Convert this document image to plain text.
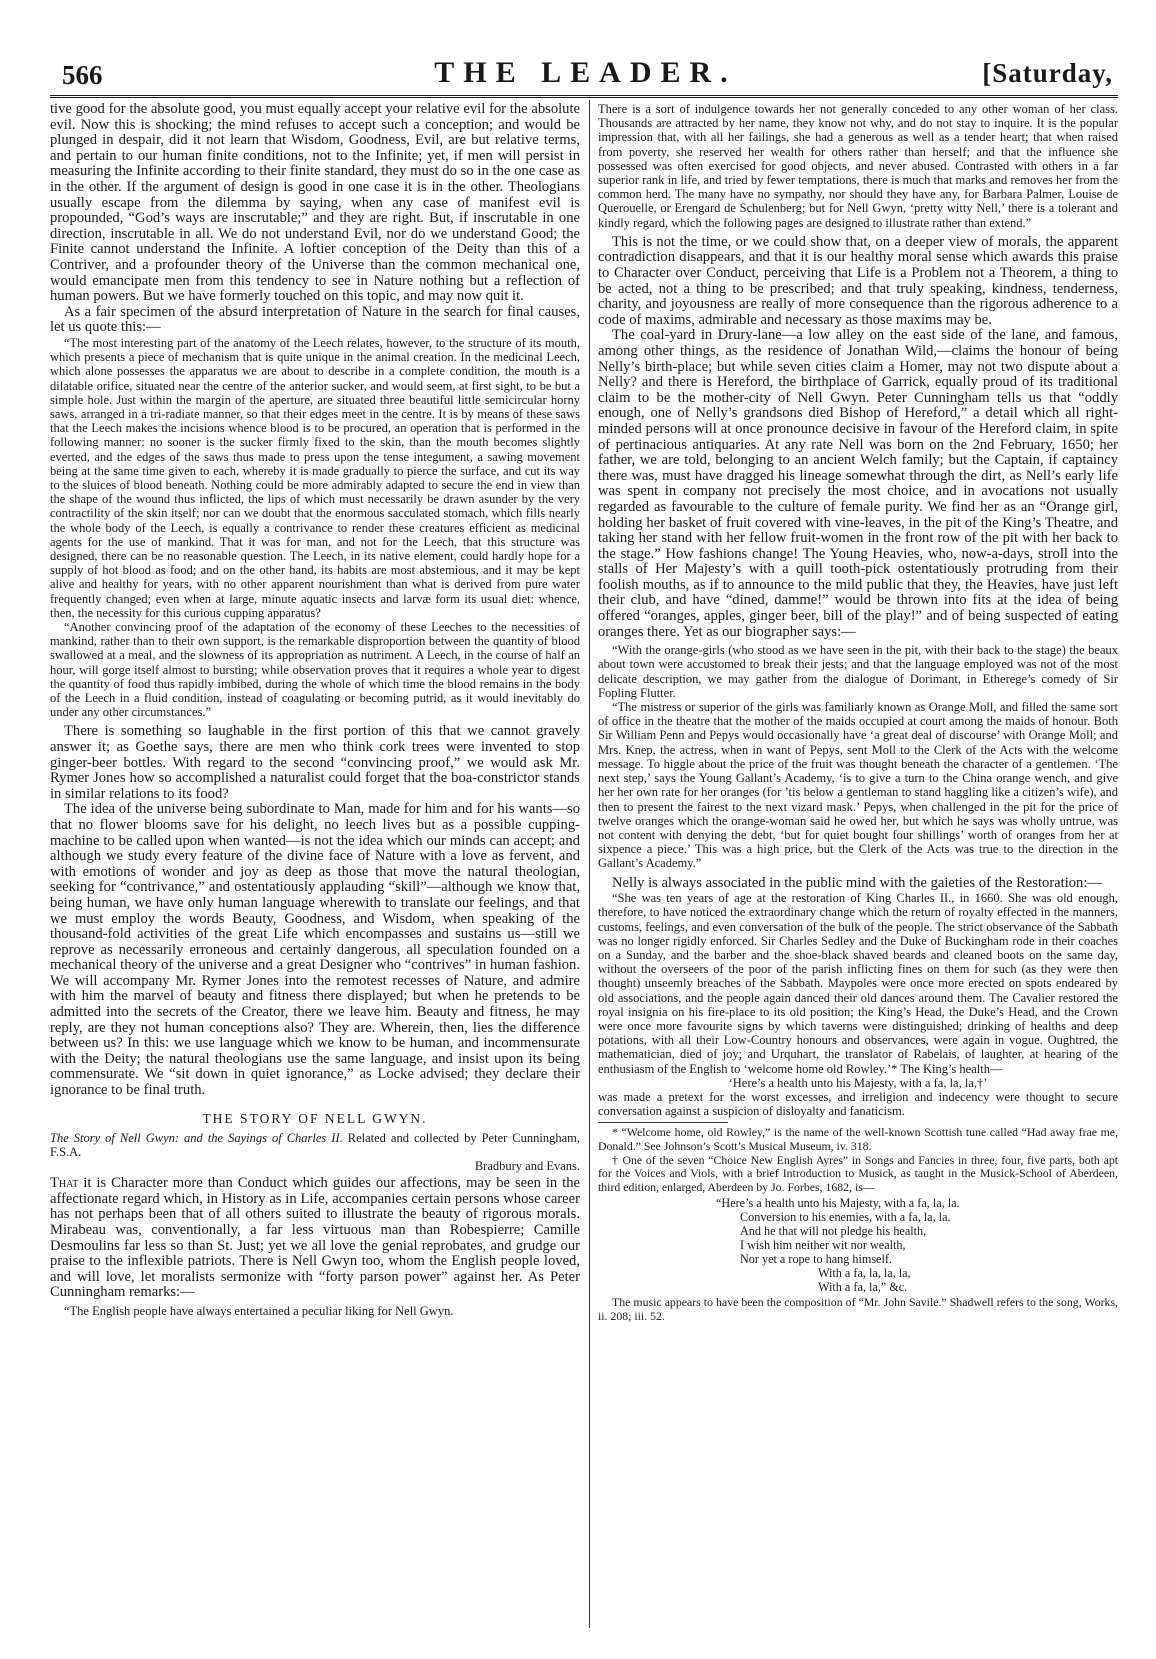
566	THE LEADER.	[Saturday,

tive good for the absolute good, you must equally accept your relative evil for the absolute evil. Now this is shocking; the mind refuses to accept such a conception; and would be plunged in despair, did it not learn that Wisdom, Goodness, Evil, are but relative terms, and pertain to our human finite conditions, not to the Infinite; yet, if men will persist in measuring the Infinite according to their finite standard, they must do so in the one case as in the other. If the argument of design is good in one case it is in the other. Theologians usually escape from the dilemma by saying, when any case of manifest evil is propounded, “God’s ways are inscrutable;” and they are right. But, if inscrutable in one direction, inscrutable in all. We do not understand Evil, nor do we understand Good; the Finite cannot understand the Infinite. A loftier conception of the Deity than this of a Contriver, and a profounder theory of the Universe than the common mechanical one, would emancipate men from this tendency to see in Nature nothing but a reflection of human powers. But we have formerly touched on this topic, and may now quit it.

As a fair specimen of the absurd interpretation of Nature in the search for final causes, let us quote this:—

“The most interesting part of the anatomy of the Leech relates, however, to the structure of its mouth, which presents a piece of mechanism that is quite unique in the animal creation. In the medicinal Leech, which alone possesses the apparatus we are about to describe in a complete condition, the mouth is a dilatable orifice, situated near the centre of the anterior sucker, and would seem, at first sight, to be but a simple hole. Just within the margin of the aperture, are situated three beautiful little semicircular horny saws, arranged in a tri-radiate manner, so that their edges meet in the centre. It is by means of these saws that the Leech makes the incisions whence blood is to be procured, an operation that is performed in the following manner: no sooner is the sucker firmly fixed to the skin, than the mouth becomes slightly everted, and the edges of the saws thus made to press upon the tense integument, a sawing movement being at the same time given to each, whereby it is made gradually to pierce the surface, and cut its way to the sluices of blood beneath. Nothing could be more admirably adapted to secure the end in view than the shape of the wound thus inflicted, the lips of which must necessarily be drawn asunder by the very contractility of the skin itself; nor can we doubt that the enormous sacculated stomach, which fills nearly the whole body of the Leech, is equally a contrivance to render these creatures efficient as medicinal agents for the use of mankind. That it was for man, and not for the Leech, that this structure was designed, there can be no reasonable question. The Leech, in its native element, could hardly hope for a supply of hot blood as food; and on the other hand, its habits are most abstemious, and it may be kept alive and healthy for years, with no other apparent nourishment than what is derived from pure water frequently changed; even when at large, minute aquatic insects and larvæ form its usual diet: whence, then, the necessity for this curious cupping apparatus?

“Another convincing proof of the adaptation of the economy of these Leeches to the necessities of mankind, rather than to their own support, is the remarkable disproportion between the quantity of blood swallowed at a meal, and the slowness of its appropriation as nutriment. A Leech, in the course of half an hour, will gorge itself almost to bursting; while observation proves that it requires a whole year to digest the quantity of food thus rapidly imbibed, during the whole of which time the blood remains in the body of the Leech in a fluid condition, instead of coagulating or becoming putrid, as it would inevitably do under any other circumstances.”

There is something so laughable in the first portion of this that we cannot gravely answer it; as Goethe says, there are men who think cork trees were invented to stop ginger-beer bottles. With regard to the second “convincing proof,” we would ask Mr. Rymer Jones how so accomplished a naturalist could forget that the boa-constrictor stands in similar relations to its food?

The idea of the universe being subordinate to Man, made for him and for his wants—so that no flower blooms save for his delight, no leech lives but as a possible cupping-machine to be called upon when wanted—is not the idea which our minds can accept; and although we study every feature of the divine face of Nature with a love as fervent, and with emotions of wonder and joy as deep as those that move the natural theologian, seeking for “contrivance,” and ostentatiously applauding “skill”—although we know that, being human, we have only human language wherewith to translate our feelings, and that we must employ the words Beauty, Goodness, and Wisdom, when speaking of the thousand-fold activities of the great Life which encompasses and sustains us—still we reprove as necessarily erroneous and certainly dangerous, all speculation founded on a mechanical theory of the universe and a great Designer who “contrives” in human fashion. We will accompany Mr. Rymer Jones into the remotest recesses of Nature, and admire with him the marvel of beauty and fitness there displayed; but when he pretends to be admitted into the secrets of the Creator, there we leave him. Beauty and fitness, he may reply, are they not human conceptions also? They are. Wherein, then, lies the difference between us? In this: we use language which we know to be human, and incommensurate with the Deity; the natural theologians use the same language, and insist upon its being commensurate. We “sit down in quiet ignorance,” as Locke advised; they declare their ignorance to be final truth.

THE STORY OF NELL GWYN.
The Story of Nell Gwyn: and the Sayings of Charles II. Related and collected by Peter Cunningham, F.S.A.
Bradbury and Evans.

That it is Character more than Conduct which guides our affections, may be seen in the affectionate regard which, in History as in Life, accompanies certain persons whose career has not perhaps been that of all others suited to illustrate the beauty of rigorous morals. Mirabeau was, conventionally, a far less virtuous man than Robespierre; Camille Desmoulins far less so than St. Just; yet we all love the genial reprobates, and grudge our praise to the inflexible patriots. There is Nell Gwyn too, whom the English people loved, and will love, let moralists sermonize with “forty parson power” against her. As Peter Cunningham remarks:—

“The English people have always entertained a peculiar liking for Nell Gwyn.

There is a sort of indulgence towards her not generally conceded to any other woman of her class. Thousands are attracted by her name, they know not why, and do not stay to inquire. It is the popular impression that, with all her failings, she had a generous as well as a tender heart; that when raised from poverty, she reserved her wealth for others rather than herself; and that the influence she possessed was often exercised for good objects, and never abused. Contrasted with others in a far superior rank in life, and tried by fewer temptations, there is much that marks and removes her from the common herd. The many have no sympathy, nor should they have any, for Barbara Palmer, Louise de Querouelle, or Erengard de Schulenberg; but for Nell Gwyn, ‘pretty witty Nell,’ there is a tolerant and kindly regard, which the following pages are designed to illustrate rather than extend.”

This is not the time, or we could show that, on a deeper view of morals, the apparent contradiction disappears, and that it is our healthy moral sense which awards this praise to Character over Conduct, perceiving that Life is a Problem not a Theorem, a thing to be acted, not a thing to be prescribed; and that truly speaking, kindness, tenderness, charity, and joyousness are really of more consequence than the rigorous adherence to a code of maxims, admirable and necessary as those maxims may be.

The coal-yard in Drury-lane—a low alley on the east side of the lane, and famous, among other things, as the residence of Jonathan Wild,—claims the honour of being Nelly’s birth-place; but while seven cities claim a Homer, may not two dispute about a Nelly? and there is Hereford, the birthplace of Garrick, equally proud of its traditional claim to be the mother-city of Nell Gwyn. Peter Cunningham tells us that “oddly enough, one of Nelly’s grandsons died Bishop of Hereford,” a detail which all right-minded persons will at once pronounce decisive in favour of the Hereford claim, in spite of pertinacious antiquaries. At any rate Nell was born on the 2nd February, 1650; her father, we are told, belonging to an ancient Welch family; but the Captain, if captaincy there was, must have dragged his lineage somewhat through the dirt, as Nell’s early life was spent in company not precisely the most choice, and in avocations not usually regarded as favourable to the culture of female purity. We find her as an “Orange girl, holding her basket of fruit covered with vine-leaves, in the pit of the King’s Theatre, and taking her stand with her fellow fruit-women in the front row of the pit with her back to the stage.” How fashions change! The Young Heavies, who, now-a-days, stroll into the stalls of Her Majesty’s with a quill tooth-pick ostentatiously protruding from their foolish mouths, as if to announce to the mild public that they, the Heavies, have just left their club, and have “dined, damme!” would be thrown into fits at the idea of being offered “oranges, apples, ginger beer, bill of the play!” and of being suspected of eating oranges there. Yet as our biographer says:—

“With the orange-girls (who stood as we have seen in the pit, with their back to the stage) the beaux about town were accustomed to break their jests; and that the language employed was not of the most delicate description, we may gather from the dialogue of Dorimant, in Etherege’s comedy of Sir Fopling Flutter.

“The mistress or superior of the girls was familiarly known as Orange Moll, and filled the same sort of office in the theatre that the mother of the maids occupied at court among the maids of honour. Both Sir William Penn and Pepys would occasionally have ‘a great deal of discourse’ with Orange Moll; and Mrs. Knep, the actress, when in want of Pepys, sent Moll to the Clerk of the Acts with the welcome message. To higgle about the price of the fruit was thought beneath the character of a gentlemen. ‘The next step,’ says the Young Gallant’s Academy, ‘is to give a turn to the China orange wench, and give her her own rate for her oranges (for ’tis below a gentleman to stand haggling like a citizen’s wife), and then to present the fairest to the next vizard mask.’ Pepys, when challenged in the pit for the price of twelve oranges which the orange-woman said he owed her, but which he says was wholly untrue, was not content with denying the debt, ‘but for quiet bought four shillings’ worth of oranges from her at sixpence a piece.’ This was a high price, but the Clerk of the Acts was true to the direction in the Gallant’s Academy.”

Nelly is always associated in the public mind with the gaieties of the Restoration:—

“She was ten years of age at the restoration of King Charles II., in 1660. She was old enough, therefore, to have noticed the extraordinary change which the return of royalty effected in the manners, customs, feelings, and even conversation of the bulk of the people. The strict observance of the Sabbath was no longer rigidly enforced. Sir Charles Sedley and the Duke of Buckingham rode in their coaches on a Sunday, and the barber and the shoe-black shaved beards and cleaned boots on the same day, without the overseers of the poor of the parish inflicting fines on them for such (as they were then thought) unseemly breaches of the Sabbath. Maypoles were once more erected on spots endeared by old associations, and the people again danced their old dances around them. The Cavalier restored the royal insignia on his fire-place to its old position; the King’s Head, the Duke’s Head, and the Crown were once more favourite signs by which taverns were distinguished; drinking of healths and deep potations, with all their Low-Country honours and observances, were again in vogue. Oughtred, the mathematician, died of joy; and Urquhart, the translator of Rabelais, of laughter, at hearing of the enthusiasm of the English to ‘welcome home old Rowley.’* The King’s health—

‘Here’s a health unto his Majesty, with a fa, la, la,†’

was made a pretext for the worst excesses, and irreligion and indecency were thought to secure conversation against a suspicion of disloyalty and fanaticism.

* “Welcome home, old Rowley,” is the name of the well-known Scottish tune called “Had away frae me, Donald.” See Johnson’s Scott’s Musical Museum, iv. 318.

† One of the seven “Choice New English Ayres” in Songs and Fancies in three, four, five parts, both apt for the Voices and Viols, with a brief Introduction to Musick, as taught in the Musick-School of Aberdeen, third edition, enlarged, Aberdeen by Jo. Forbes, 1682, is—

“Here’s a health unto his Majesty, with a fa, la, la.
Conversion to his enemies, with a fa, la, la.
And he that will not pledge his health,
I wish him neither wit nor wealth,
Nor yet a rope to hang himself.
With a fa, la, la, la,
With a fa, la,” &c.

The music appears to have been the composition of “Mr. John Savile.” Shadwell refers to the song, Works, ii. 208; iii. 52.
